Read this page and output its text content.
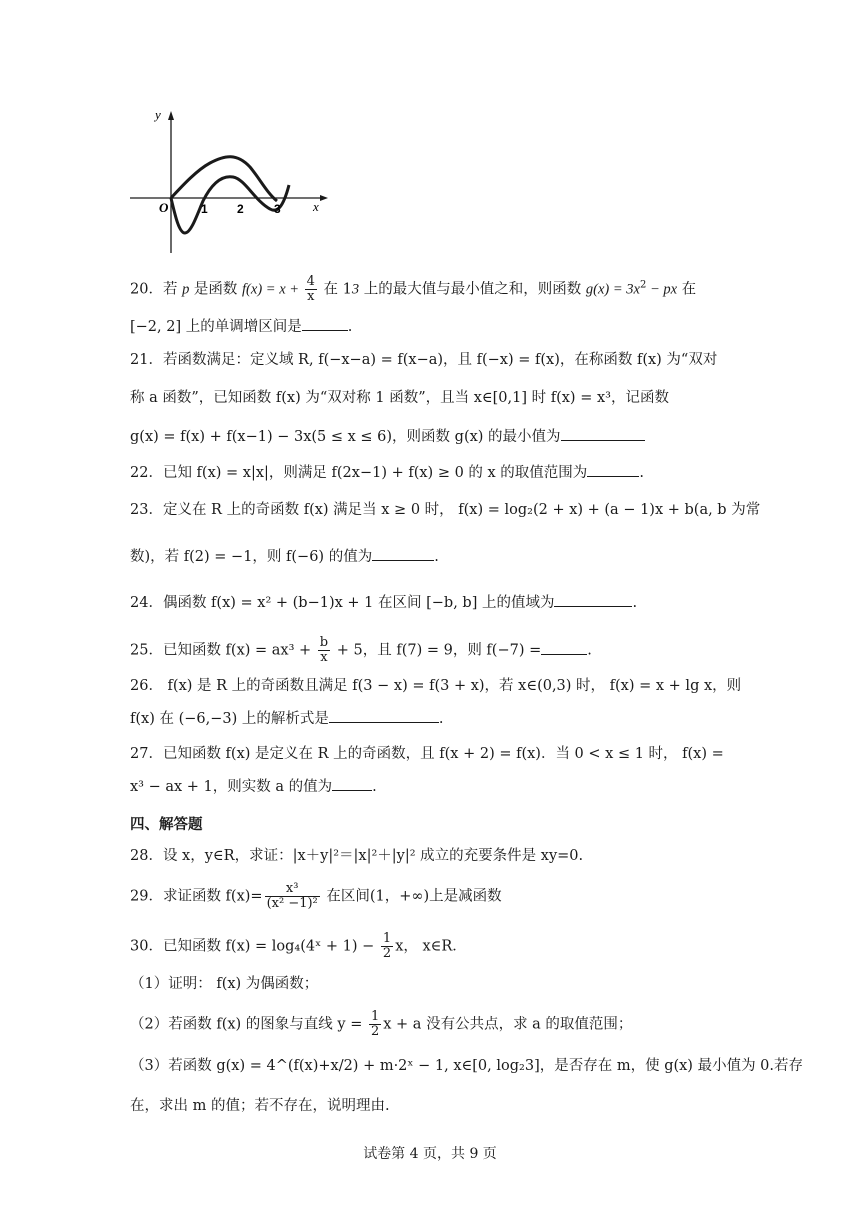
y
x
O	1 2	3
20．若 p 是函数 $f(x) = x + \frac{4}{x}$ 在 13 上的最大值与最小值之和，则函数 $g(x) = 3x^2$ − px 在
[−2, 2] 上的单调增区间是	.
21．若函数满足：定义域 R, f(−x−a) = f(x−a)，且 f(−x) = f(x)，在称函数 f(x) 为“双对
称 a 函数”，已知函数 f(x) 为“双对称 1 函数”，且当 x∈[0,1] 时 f(x) = x³，记函数
g(x) = f(x) + f(x−1) − 3x(5 ≤ x ≤ 6)，则函数 g(x) 的最小值为
22．已知 f(x) = x|x|，则满足 f(2x−1) + f(x) ≥ 0 的 x 的取值范围为	.
23．定义在 R 上的奇函数 f(x) 满足当 x ≥ 0 时， f(x) = log₂(2 + x) + (a − 1)x + b(a, b 为常
数)，若 f(2) = −1，则 f(−6) 的值为	.
24．偶函数 f(x) = x² + (b−1)x + 1 在区间 [−b, b] 上的值域为	.
25．已知函数 $f(x) = ax^3 + \frac{b}{x} + 5$，且 f(7) = 9，则 f(−7) =	.
26． f(x) 是 R 上的奇函数且满足 f(3 − x) = f(3 + x)，若 x∈(0,3) 时， f(x) = x + lg x，则
f(x) 在 (−6,−3) 上的解析式是	.
27．已知函数 f(x) 是定义在 R 上的奇函数，且 f(x + 2) = f(x)．当 0 < x ≤ 1 时， f(x) =
x³ − ax + 1，则实数 a 的值为	.
四、解答题
28．设 x，y∈R，求证：|x＋y|²＝|x|²＋|y|² 成立的充要条件是 xy=0.
29．求证函数 $f(x)= \frac{\text{x³}}{\text{(x² −1)²}}$ 在区间(1，+∞)上是减函数
30．已知函数 f(x) = log₄(4ˣ + $1) - \frac{1}{2}$ x， x∈R．
（1）证明： f(x) 为偶函数；
（2）若函数 f(x) 的图象与直线 $y = \frac{1}{2}$ x + a 没有公共点，求 a 的取值范围；
（3）若函数 g(x) = 4^(f(x)+x/2) + m·2ˣ − 1, x∈[0, log₂3]，是否存在 m，使 g(x) 最小值为 0.若存
在，求出 m 的值；若不存在，说明理由.
试卷第 4 页，共 9 页
